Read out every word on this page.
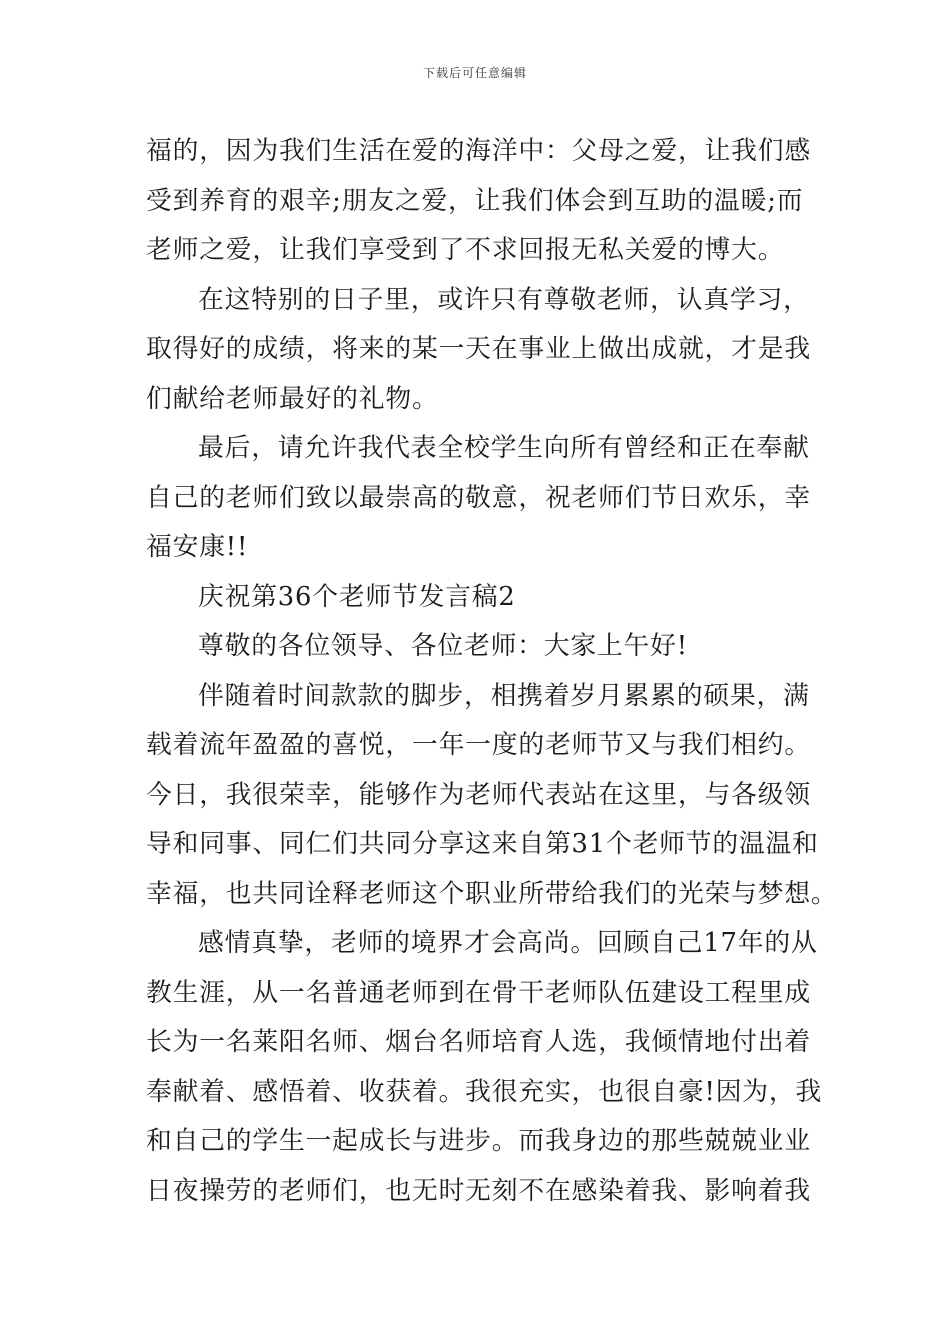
下载后可任意编辑
福的，因为我们生活在爱的海洋中：父母之爱，让我们感
受到养育的艰辛;朋友之爱，让我们体会到互助的温暖;而
老师之爱，让我们享受到了不求回报无私关爱的博大。
在这特别的日子里，或许只有尊敬老师，认真学习，
取得好的成绩，将来的某一天在事业上做出成就，才是我
们献给老师最好的礼物。
最后，请允许我代表全校学生向所有曾经和正在奉献
自己的老师们致以最崇高的敬意，祝老师们节日欢乐，幸
福安康!!
庆祝第36个老师节发言稿2
尊敬的各位领导、各位老师：大家上午好!
伴随着时间款款的脚步，相携着岁月累累的硕果，满
载着流年盈盈的喜悦，一年一度的老师节又与我们相约。
今日，我很荣幸，能够作为老师代表站在这里，与各级领
导和同事、同仁们共同分享这来自第31个老师节的温温和
幸福，也共同诠释老师这个职业所带给我们的光荣与梦想。
感情真挚，老师的境界才会高尚。回顾自己17年的从
教生涯，从一名普通老师到在骨干老师队伍建设工程里成
长为一名莱阳名师、烟台名师培育人选，我倾情地付出着
奉献着、感悟着、收获着。我很充实，也很自豪!因为，我
和自己的学生一起成长与进步。而我身边的那些兢兢业业
日夜操劳的老师们，也无时无刻不在感染着我、影响着我
